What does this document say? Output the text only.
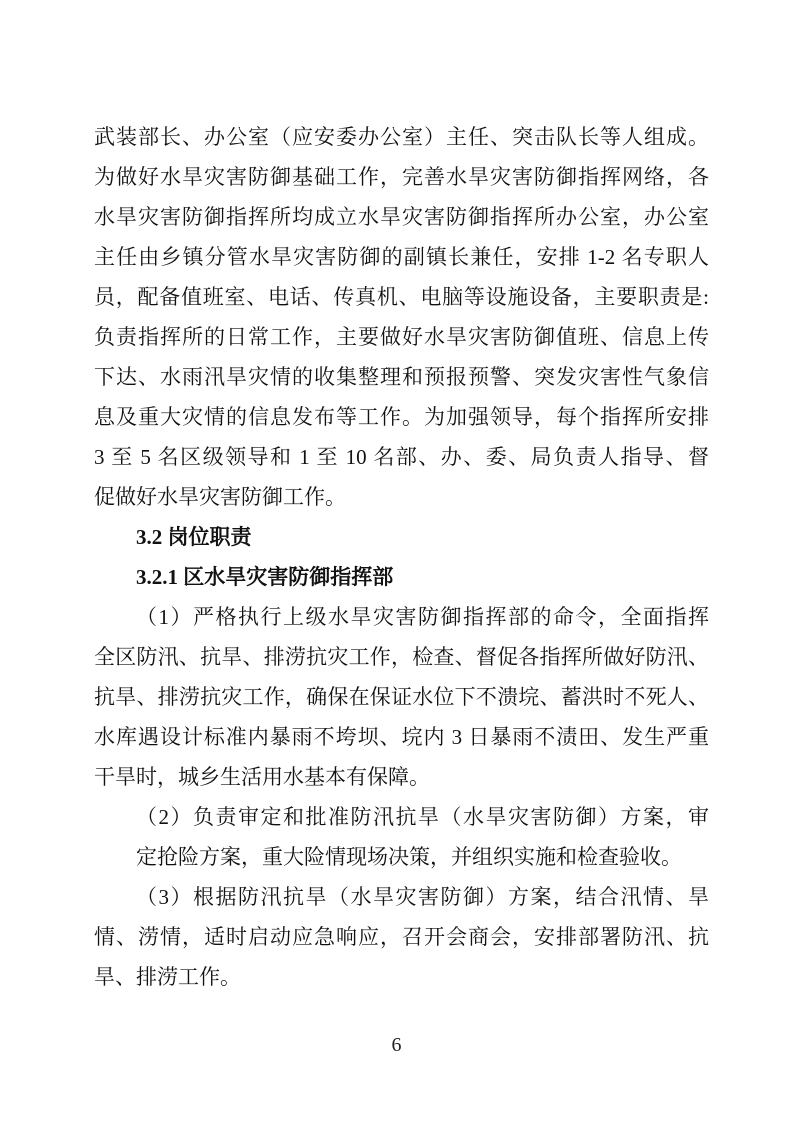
武装部长、办公室（应安委办公室）主任、突击队长等人组成。
为做好水旱灾害防御基础工作，完善水旱灾害防御指挥网络，各
水旱灾害防御指挥所均成立水旱灾害防御指挥所办公室，办公室
主任由乡镇分管水旱灾害防御的副镇长兼任，安排 1-2 名专职人
员，配备值班室、电话、传真机、电脑等设施设备，主要职责是:
负责指挥所的日常工作，主要做好水旱灾害防御值班、信息上传
下达、水雨汛旱灾情的收集整理和预报预警、突发灾害性气象信
息及重大灾情的信息发布等工作。为加强领导，每个指挥所安排
3 至 5 名区级领导和 1 至 10 名部、办、委、局负责人指导、督
促做好水旱灾害防御工作。
3.2 岗位职责
3.2.1 区水旱灾害防御指挥部
（1）严格执行上级水旱灾害防御指挥部的命令，全面指挥
全区防汛、抗旱、排涝抗灾工作，检查、督促各指挥所做好防汛、
抗旱、排涝抗灾工作，确保在保证水位下不溃垸、蓄洪时不死人、
水库遇设计标准内暴雨不垮坝、垸内 3 日暴雨不渍田、发生严重
干旱时，城乡生活用水基本有保障。
（2）负责审定和批准防汛抗旱（水旱灾害防御）方案，审
定抢险方案，重大险情现场决策，并组织实施和检查验收。
（3）根据防汛抗旱（水旱灾害防御）方案，结合汛情、旱
情、涝情，适时启动应急响应，召开会商会，安排部署防汛、抗
旱、排涝工作。
6
